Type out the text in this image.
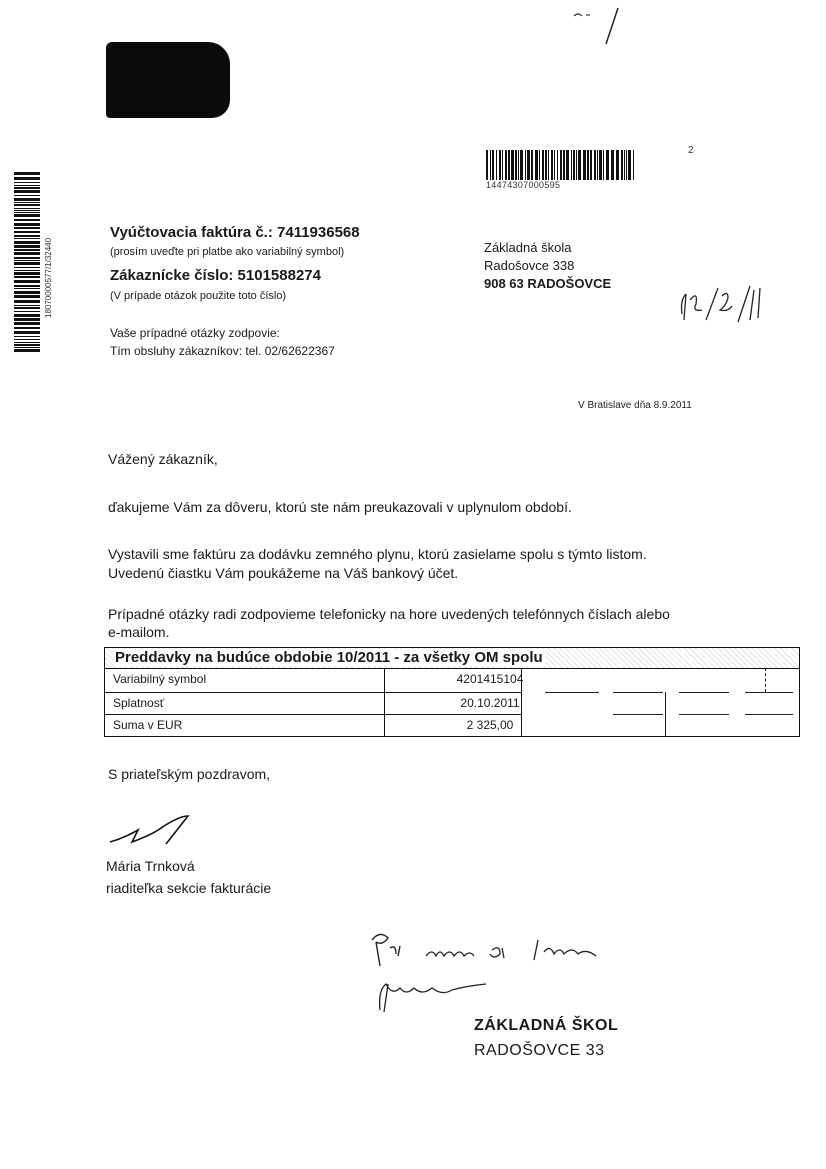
2
14474307000595
18070000577/1/32440
Vyúčtovacia faktúra č.: 7411936568
(prosím uveďte pri platbe ako variabilný symbol)
Zákaznícke číslo: 5101588274
(V prípade otázok použite toto číslo)
Vaše prípadné otázky zodpovie:
Tím obsluhy zákazníkov: tel. 02/62622367
Základná škola
Radošovce 338
908 63 RADOŠOVCE
V Bratislave dňa 8.9.2011
Vážený zákazník,
ďakujeme Vám za dôveru, ktorú ste nám preukazovali v uplynulom období.
Vystavili sme faktúru za dodávku zemného plynu, ktorú zasielame spolu s týmto listom.
Uvedenú čiastku Vám poukážeme na Váš bankový účet.
Prípadné otázky radi zodpovieme telefonicky na hore uvedených telefónnych číslach alebo
e-mailom.
Preddavky na budúce obdobie 10/2011 - za všetky OM spolu
Variabilný symbol	4201415104
Splatnosť	20.10.2011
Suma v EUR	2 325,00
S priateľským pozdravom,
Mária Trnková
riaditeľka sekcie fakturácie
ZÁKLADNÁ ŠKOL
RADOŠOVCE 33
